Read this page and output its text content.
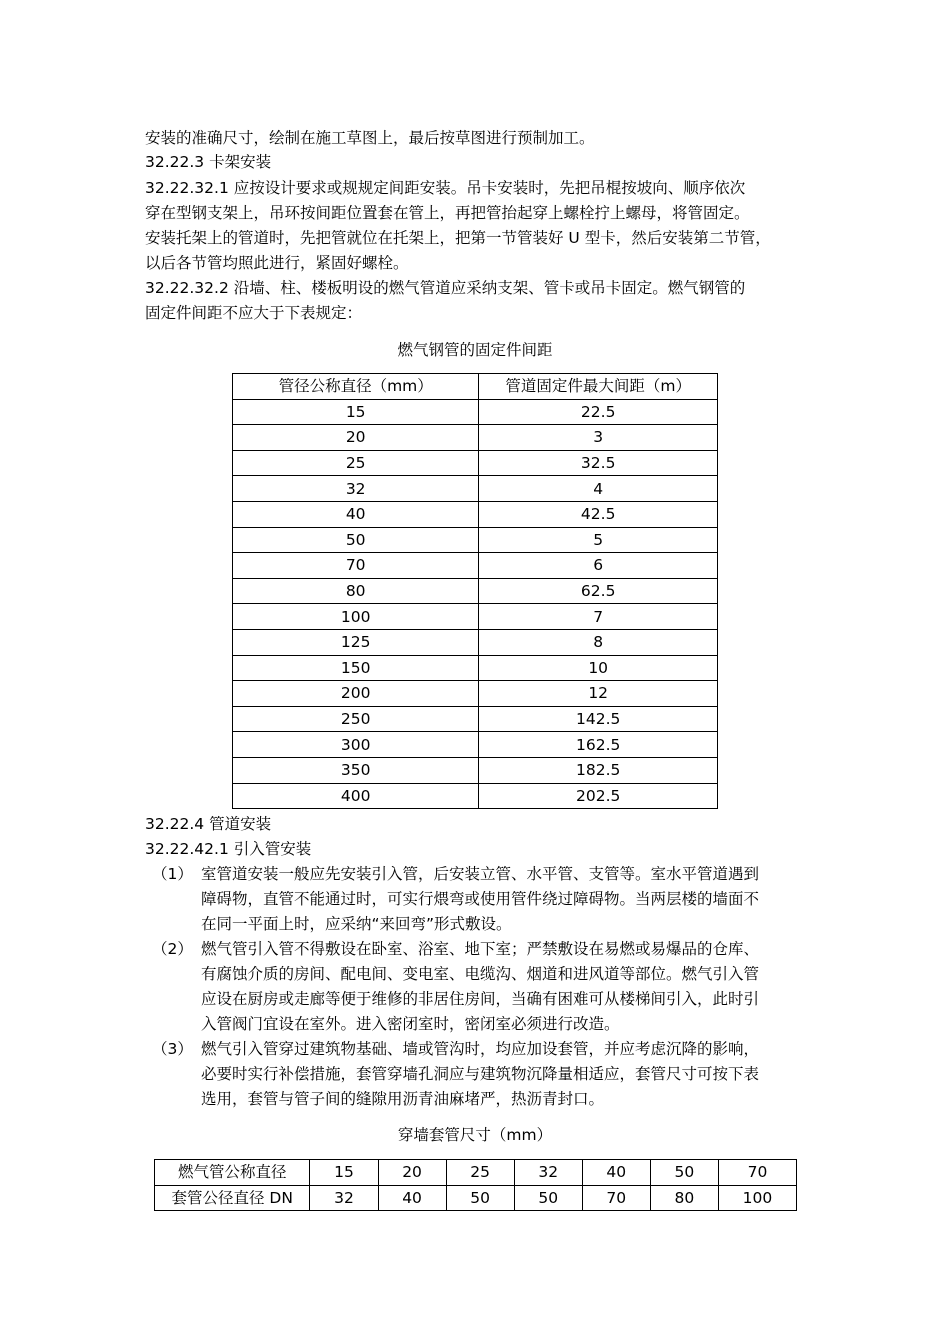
安装的准确尺寸，绘制在施工草图上，最后按草图进行预制加工。
32.22.3 卡架安装
32.22.32.1 应按设计要求或规规定间距安装。吊卡安装时，先把吊棍按坡向、顺序依次
穿在型钢支架上，吊环按间距位置套在管上，再把管抬起穿上螺栓拧上螺母，将管固定。
安装托架上的管道时，先把管就位在托架上，把第一节管装好 U 型卡，然后安装第二节管，
以后各节管均照此进行，紧固好螺栓。
32.22.32.2 沿墙、柱、楼板明设的燃气管道应采纳支架、管卡或吊卡固定。燃气钢管的
固定件间距不应大于下表规定：
燃气钢管的固定件间距
管径公称直径（mm）	管道固定件最大间距（m）
15	22.5
20	3
25	32.5
32	4
40	42.5
50	5
70	6
80	62.5
100	7
125	8
150	10
200	12
250	142.5
300	162.5
350	182.5
400	202.5
32.22.4 管道安装
32.22.42.1 引入管安装
（1） 室管道安装一般应先安装引入管，后安装立管、水平管、支管等。室水平管道遇到
障碍物，直管不能通过时，可实行煨弯或使用管件绕过障碍物。当两层楼的墙面不
在同一平面上时，应采纳“来回弯”形式敷设。
（2） 燃气管引入管不得敷设在卧室、浴室、地下室；严禁敷设在易燃或易爆品的仓库、
有腐蚀介质的房间、配电间、变电室、电缆沟、烟道和进风道等部位。燃气引入管
应设在厨房或走廊等便于维修的非居住房间，当确有困难可从楼梯间引入，此时引
入管阀门宜设在室外。进入密闭室时，密闭室必须进行改造。
（3） 燃气引入管穿过建筑物基础、墙或管沟时，均应加设套管，并应考虑沉降的影响，
必要时实行补偿措施，套管穿墙孔洞应与建筑物沉降量相适应，套管尺寸可按下表
选用，套管与管子间的缝隙用沥青油麻堵严，热沥青封口。
穿墙套管尺寸（mm）
燃气管公称直径	15	20	25	32	40	50	70
套管公径直径 DN	32	40	50	50	70	80	100
